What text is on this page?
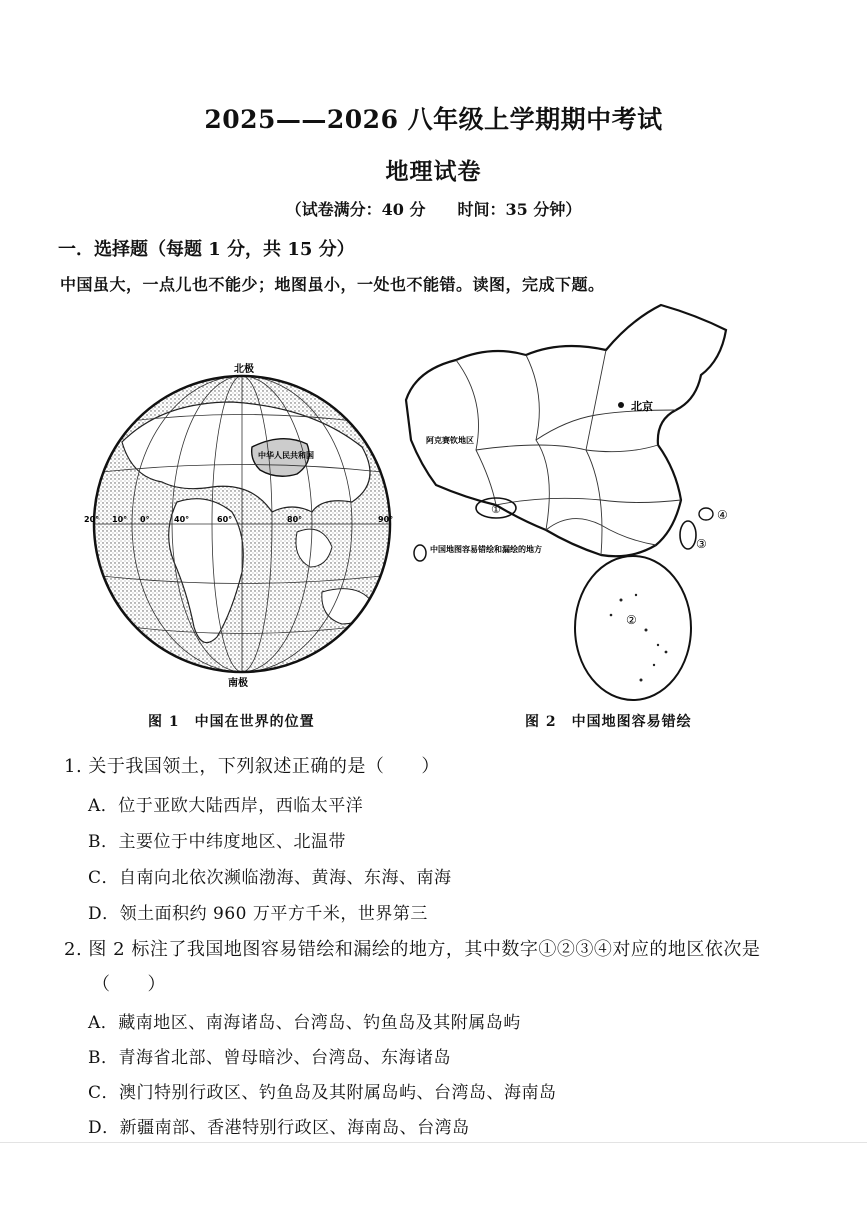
2025——2026 八年级上学期期中考试
地理试卷
（试卷满分：40 分　　时间：35 分钟）
一．选择题（每题 1 分，共 15 分）
中国虽大，一点儿也不能少；地图虽小，一处也不能错。读图，完成下题。
北极
南极
中华人民共和国
20° 10° 0°	40°	60°	80°	90°
图 1　中国在世界的位置
①
③
④
②
北京
阿克赛钦地区
中国地图容易错绘和漏绘的地方
图 2　中国地图容易错绘
1. 关于我国领土，下列叙述正确的是（　　）
A．位于亚欧大陆西岸，西临太平洋
B．主要位于中纬度地区、北温带
C．自南向北依次濒临渤海、黄海、东海、南海
D．领土面积约 960 万平方千米，世界第三
2. 图 2 标注了我国地图容易错绘和漏绘的地方，其中数字①②③④对应的地区依次是
（　　）
A．藏南地区、南海诸岛、台湾岛、钓鱼岛及其附属岛屿
B．青海省北部、曾母暗沙、台湾岛、东海诸岛
C．澳门特别行政区、钓鱼岛及其附属岛屿、台湾岛、海南岛
D．新疆南部、香港特别行政区、海南岛、台湾岛
